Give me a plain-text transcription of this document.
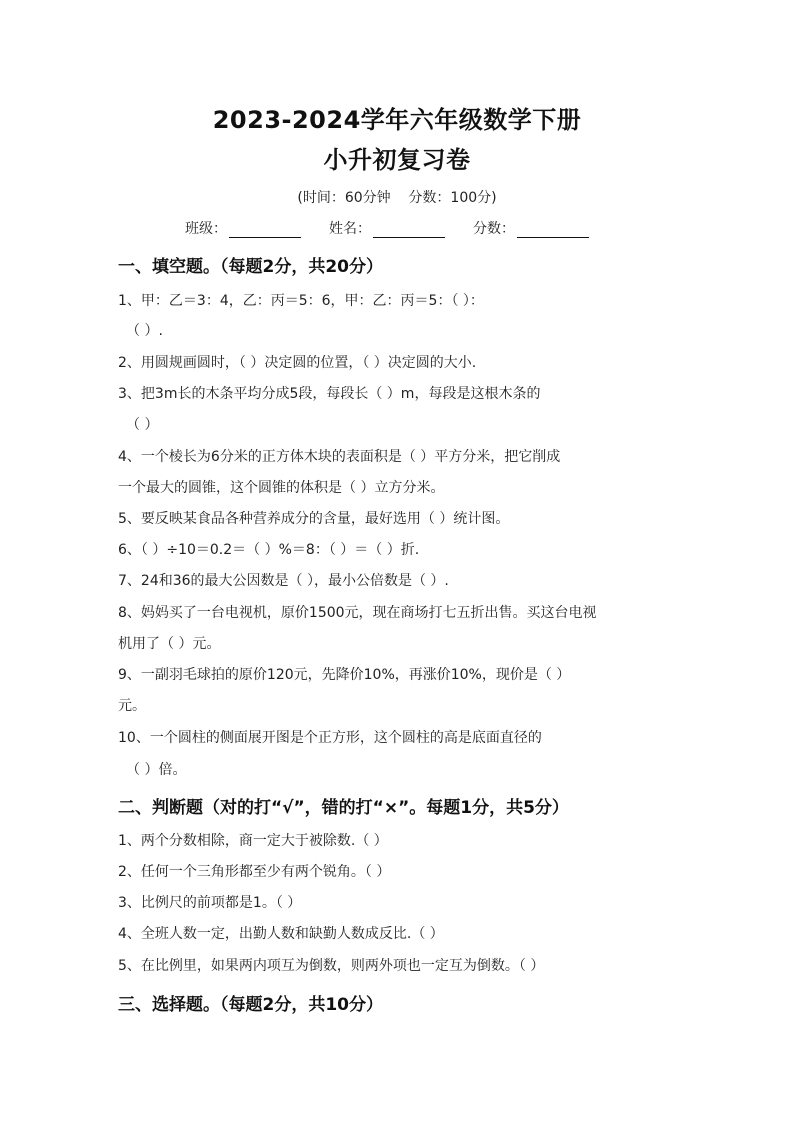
2023-2024学年六年级数学下册
小升初复习卷
(时间：60分钟    分数：100分)
班级：	姓名：	分数：
一、填空题。（每题2分，共20分）
1、甲：乙＝3：4，乙：丙＝5：6，甲：乙：丙＝5：（ ）：
（ ）.
2、用圆规画圆时，（ ）决定圆的位置，（ ）决定圆的大小.
3、把3m长的木条平均分成5段，每段长（ ）m，每段是这根木条的
（ ）
4、一个棱长为6分米的正方体木块的表面积是（ ）平方分米，把它削成
一个最大的圆锥，这个圆锥的体积是（ ）立方分米。
5、要反映某食品各种营养成分的含量，最好选用（ ）统计图。
6、（ ）÷10＝0.2＝（ ）%＝8：（ ）＝（ ）折.
7、24和36的最大公因数是（ ），最小公倍数是（ ）.
8、妈妈买了一台电视机，原价1500元，现在商场打七五折出售。买这台电视
机用了（ ）元。
9、一副羽毛球拍的原价120元，先降价10%，再涨价10%，现价是（ ）
元。
10、一个圆柱的侧面展开图是个正方形，这个圆柱的高是底面直径的
（ ）倍。
二、判断题（对的打“√”，错的打“×”。每题1分，共5分）
1、两个分数相除，商一定大于被除数.（ ）
2、任何一个三角形都至少有两个锐角。（ ）
3、比例尺的前项都是1。（ ）
4、全班人数一定，出勤人数和缺勤人数成反比.（ ）
5、在比例里，如果两内项互为倒数，则两外项也一定互为倒数。（ ）
三、选择题。（每题2分，共10分）
